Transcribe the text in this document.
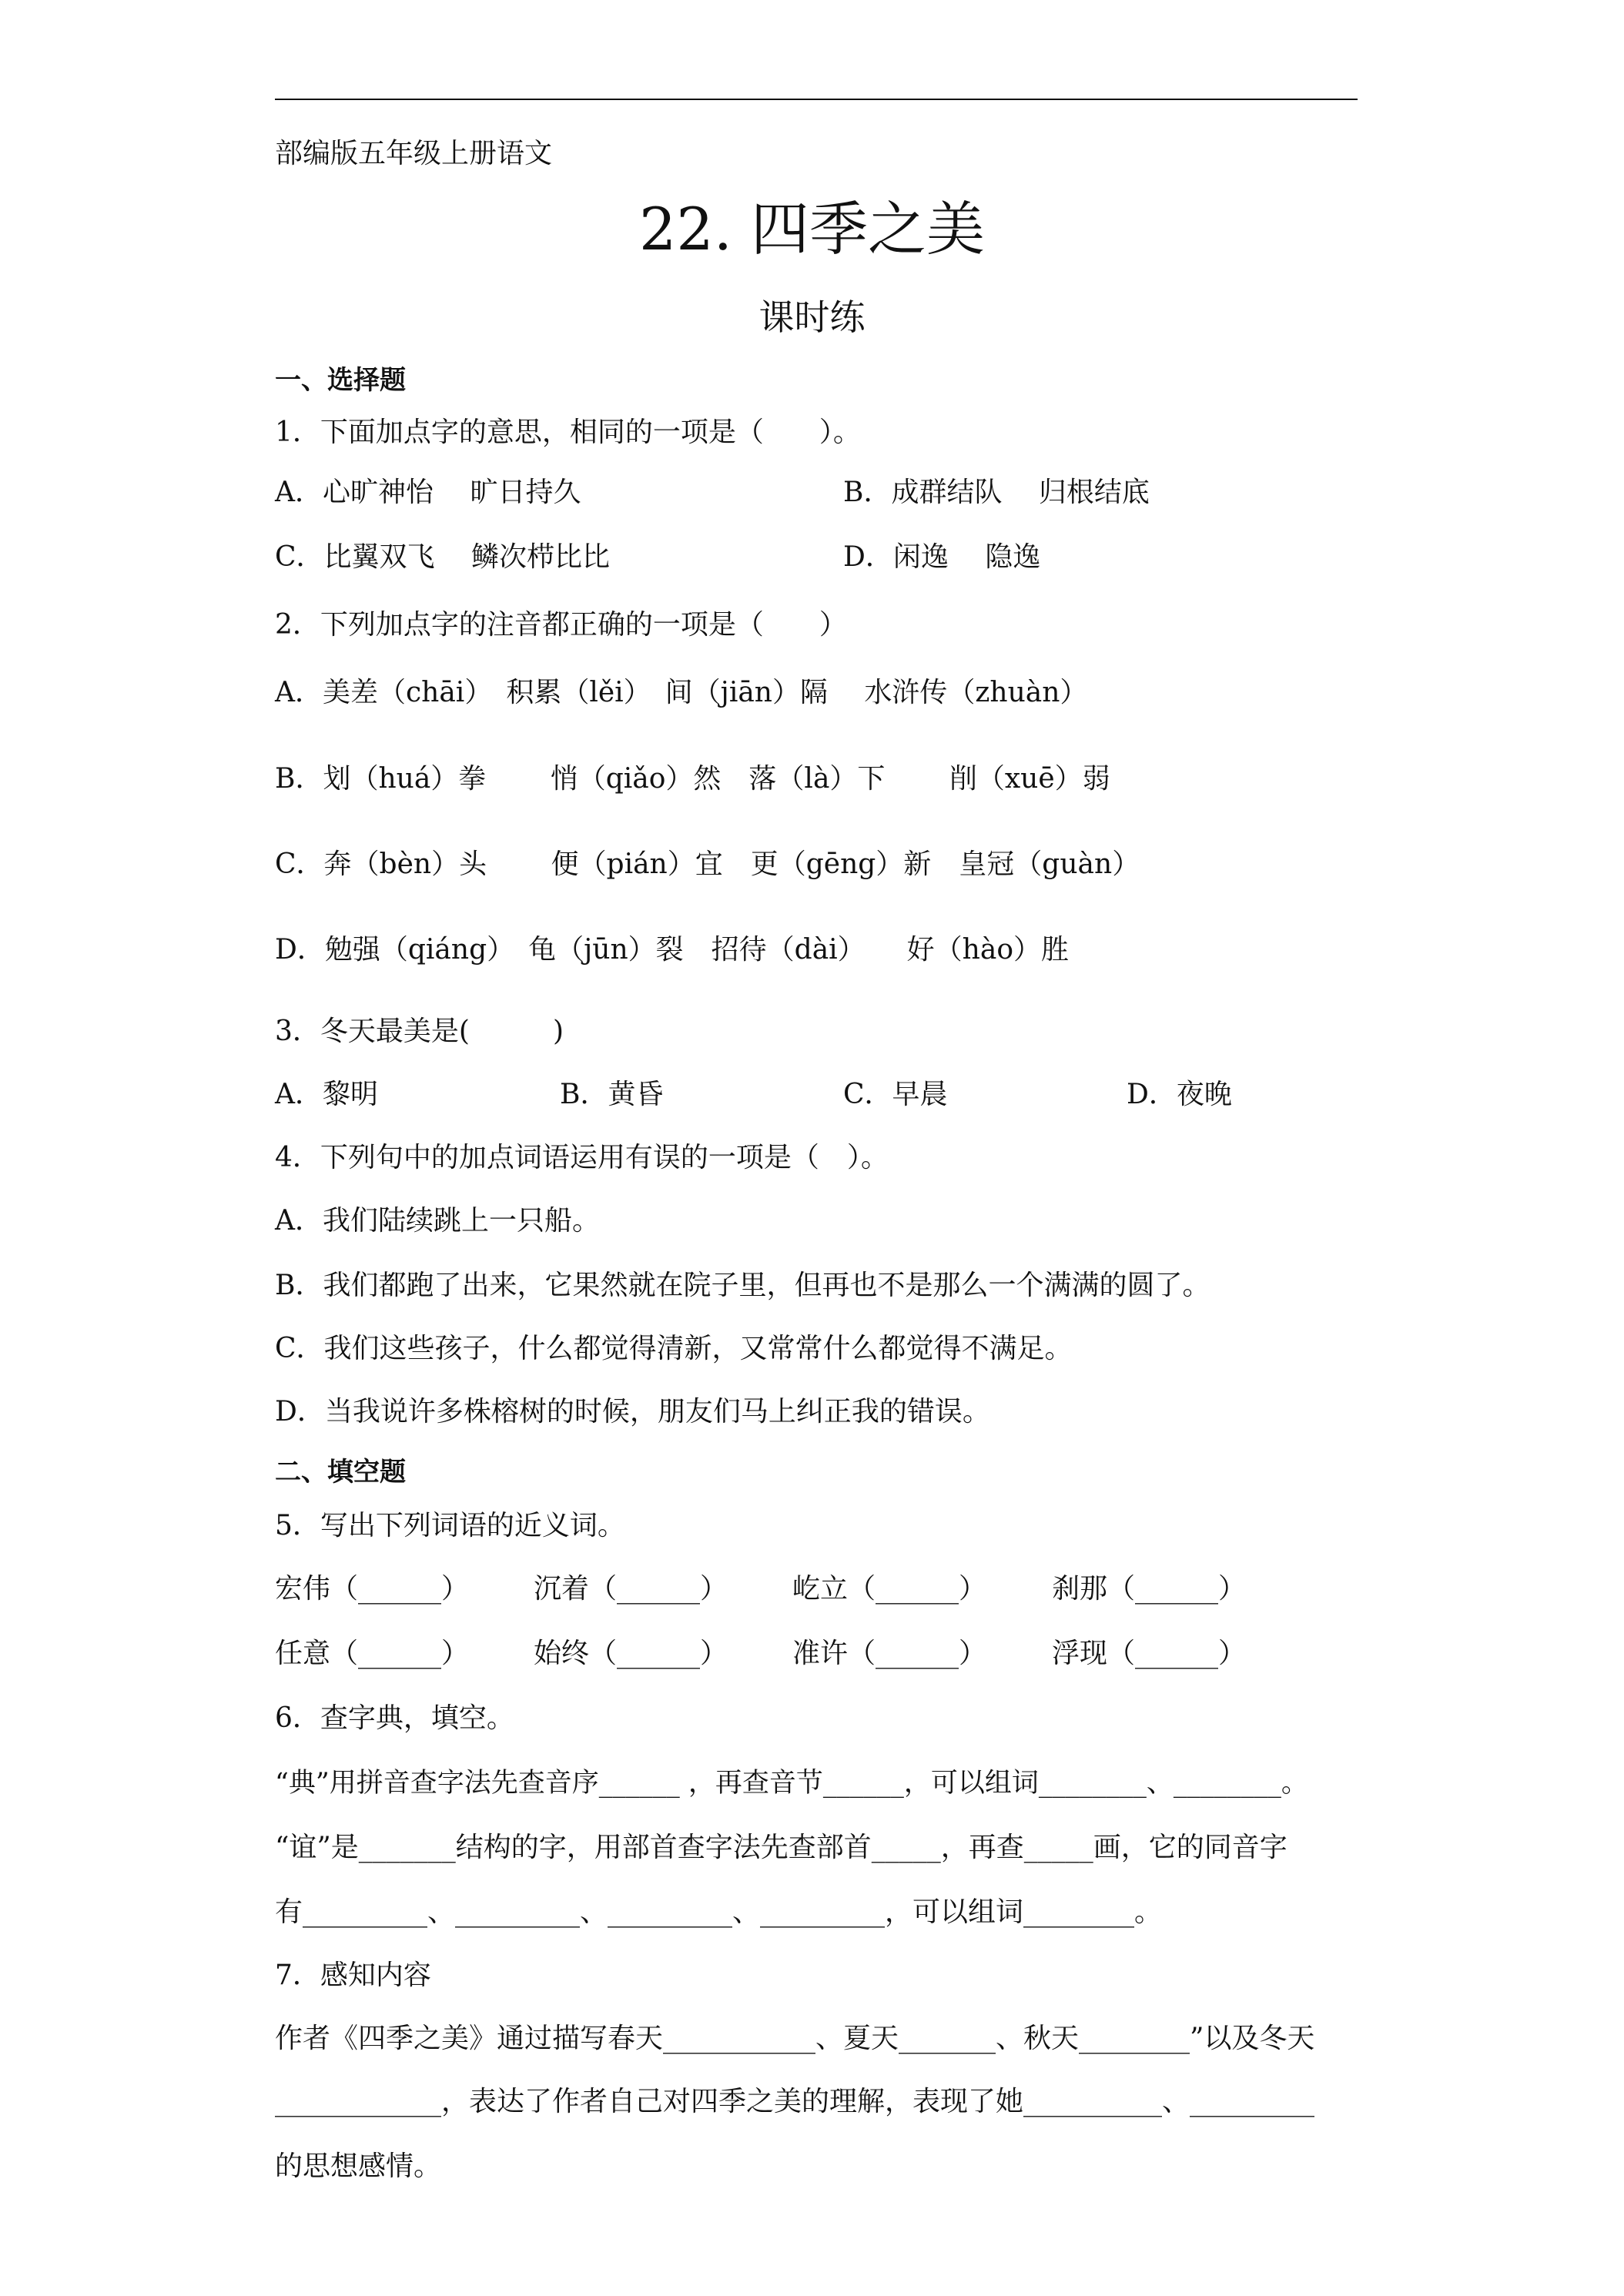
部编版五年级上册语文
22. 四季之美
课时练
一、选择题
1．下面加点字的意思，相同的一项是（　　）。
A．心旷神怡　 旷日持久	B．成群结队　 归根结底
C．比翼双飞　 鳞次栉比比	D．闲逸　 隐逸
2．下列加点字的注音都正确的一项是（　　）
A．美差（chāi）　积累（lěi）　间（jiān）隔　 水浒传（zhuàn）
B．划（huá）拳　　 悄（qiǎo）然　落（là）下　　 削（xuē）弱
C．奔（bèn）头　　 便（pián）宜　更（gēng）新　皇冠（guàn）
D．勉强（qiáng）　龟（jūn）裂　招待（dài）　　好（hào）胜
3．冬天最美是(　　　)
A．黎明	B．黄昏	C．早晨	D．夜晚
4．下列句中的加点词语运用有误的一项是（　）。
A．我们陆续跳上一只船。
B．我们都跑了出来，它果然就在院子里，但再也不是那么一个满满的圆了。
C．我们这些孩子，什么都觉得清新，又常常什么都觉得不满足。
D．当我说许多株榕树的时候，朋友们马上纠正我的错误。
二、填空题
5．写出下列词语的近义词。
宏伟（______） 沉着（______） 屹立（______） 刹那（______）
任意（______） 始终（______） 准许（______） 浮现（______）
6．查字典，填空。
“典”用拼音查字法先查音序______ ，再查音节______，可以组词________、________。
“谊”是_______结构的字，用部首查字法先查部首_____，再查_____画，它的同音字
有_________、_________、_________、_________，可以组词________。
7．感知内容
作者《四季之美》通过描写春天___________、夏天_______、秋天________”以及冬天
____________，表达了作者自己对四季之美的理解，表现了她__________、_________
的思想感情。
